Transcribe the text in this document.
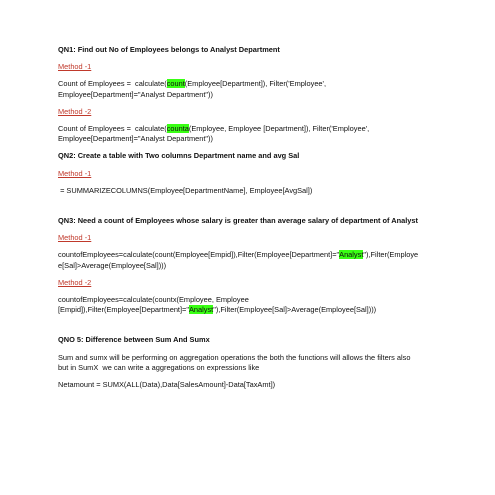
QN1: Find out No of Employees belongs to Analyst Department

Method -1

Count of Employees =  calculate(count(Employee[Department]), Filter('Employee',

Employee[Department]="Analyst Department"))

Method -2

Count of Employees =  calculate(counta(Employee, Employee [Department]), Filter('Employee',

Employee[Department]="Analyst Department"))

QN2: Create a table with Two columns Department name and avg Sal

Method -1

= SUMMARIZECOLUMNS(Employee[DepartmentName], Employee[AvgSal])

QN3: Need a count of Employees whose salary is greater than average salary of department of Analyst

Method -1

countofEmployees=calculate(count(Employee[Empid]),Filter(Employee[Department]="Analyst"),Filter(Employe

e[Sal]>Average(Employee[Sal])))

Method -2

countofEmployees=calculate(countx(Employee, Employee

[Empid]),Filter(Employee[Department]="Analyst"),Filter(Employee[Sal]>Average(Employee[Sal])))

QNO 5: Difference between Sum And Sumx

Sum and sumx will be performing on aggregation operations the both the functions will allows the filters also

but in SumX  we can write a aggregations on expressions like

Netamount = SUMX(ALL(Data),Data[SalesAmount]-Data[TaxAmt])
